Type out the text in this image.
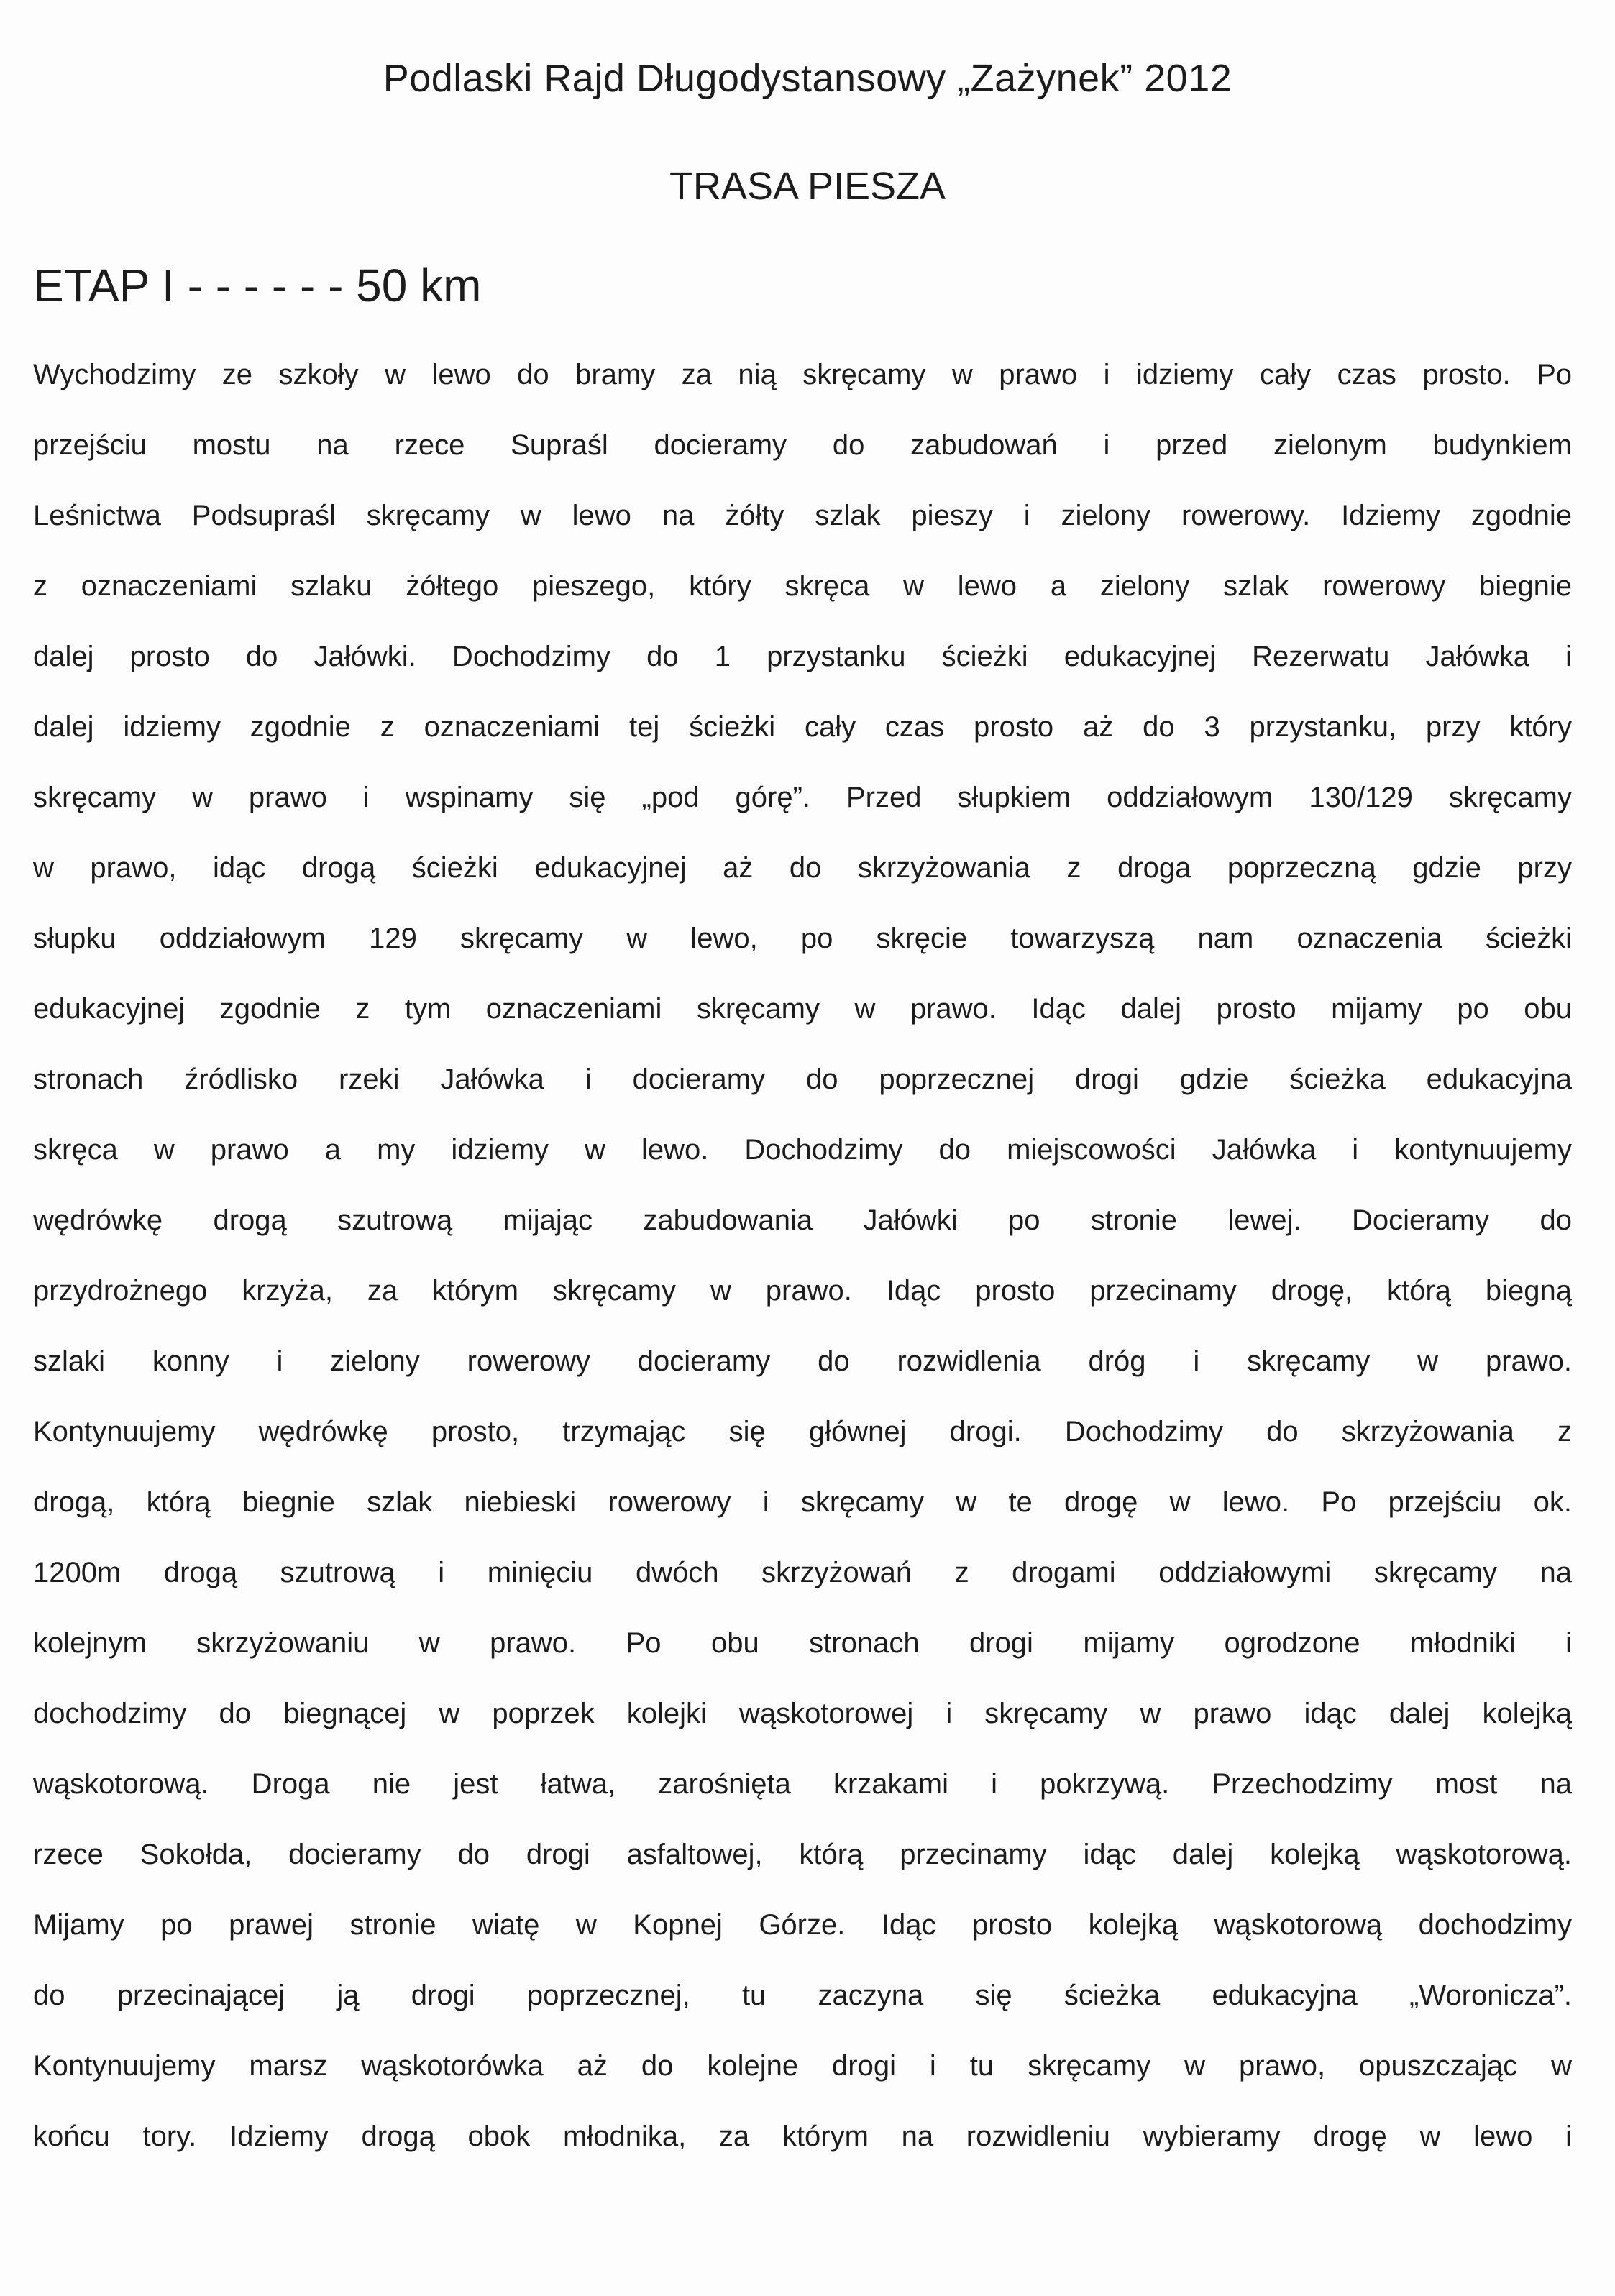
Podlaski Rajd Długodystansowy „Zażynek” 2012
TRASA PIESZA
ETAP I - - - - - - 50 km
Wychodzimy ze szkoły w lewo do bramy za nią skręcamy w prawo i idziemy cały czas prosto. Po
przejściu mostu na rzece Supraśl docieramy do zabudowań i przed zielonym budynkiem
Leśnictwa Podsupraśl skręcamy w lewo na żółty szlak pieszy i zielony rowerowy. Idziemy zgodnie
z oznaczeniami szlaku żółtego pieszego, który skręca w lewo a zielony szlak rowerowy biegnie
dalej prosto do Jałówki. Dochodzimy do 1 przystanku ścieżki edukacyjnej Rezerwatu Jałówka i
dalej idziemy zgodnie z oznaczeniami tej ścieżki cały czas prosto aż do 3 przystanku, przy który
skręcamy w prawo i wspinamy się „pod górę”. Przed słupkiem oddziałowym 130/129 skręcamy
w prawo, idąc drogą ścieżki edukacyjnej aż do skrzyżowania z droga poprzeczną gdzie przy
słupku oddziałowym 129 skręcamy w lewo, po skręcie towarzyszą nam oznaczenia ścieżki
edukacyjnej zgodnie z tym oznaczeniami skręcamy w prawo. Idąc dalej prosto mijamy po obu
stronach źródlisko rzeki Jałówka i docieramy do poprzecznej drogi gdzie ścieżka edukacyjna
skręca w prawo a my idziemy w lewo. Dochodzimy do miejscowości Jałówka i kontynuujemy
wędrówkę drogą szutrową mijając zabudowania Jałówki po stronie lewej. Docieramy do
przydrożnego krzyża, za którym skręcamy w prawo. Idąc prosto przecinamy drogę, którą biegną
szlaki konny i zielony rowerowy docieramy do rozwidlenia dróg i skręcamy w prawo.
Kontynuujemy wędrówkę prosto, trzymając się głównej drogi. Dochodzimy do skrzyżowania z
drogą, którą biegnie szlak niebieski rowerowy i skręcamy w te drogę w lewo. Po przejściu ok.
1200m drogą szutrową i minięciu dwóch skrzyżowań z drogami oddziałowymi skręcamy na
kolejnym skrzyżowaniu w prawo. Po obu stronach drogi mijamy ogrodzone młodniki i
dochodzimy do biegnącej w poprzek kolejki wąskotorowej i skręcamy w prawo idąc dalej kolejką
wąskotorową. Droga nie jest łatwa, zarośnięta krzakami i pokrzywą. Przechodzimy most na
rzece Sokołda, docieramy do drogi asfaltowej, którą przecinamy idąc dalej kolejką wąskotorową.
Mijamy po prawej stronie wiatę w Kopnej Górze. Idąc prosto kolejką wąskotorową dochodzimy
do przecinającej ją drogi poprzecznej, tu zaczyna się ścieżka edukacyjna „Woronicza”.
Kontynuujemy marsz wąskotorówka aż do kolejne drogi i tu skręcamy w prawo, opuszczając w
końcu tory. Idziemy drogą obok młodnika, za którym na rozwidleniu wybieramy drogę w lewo i
